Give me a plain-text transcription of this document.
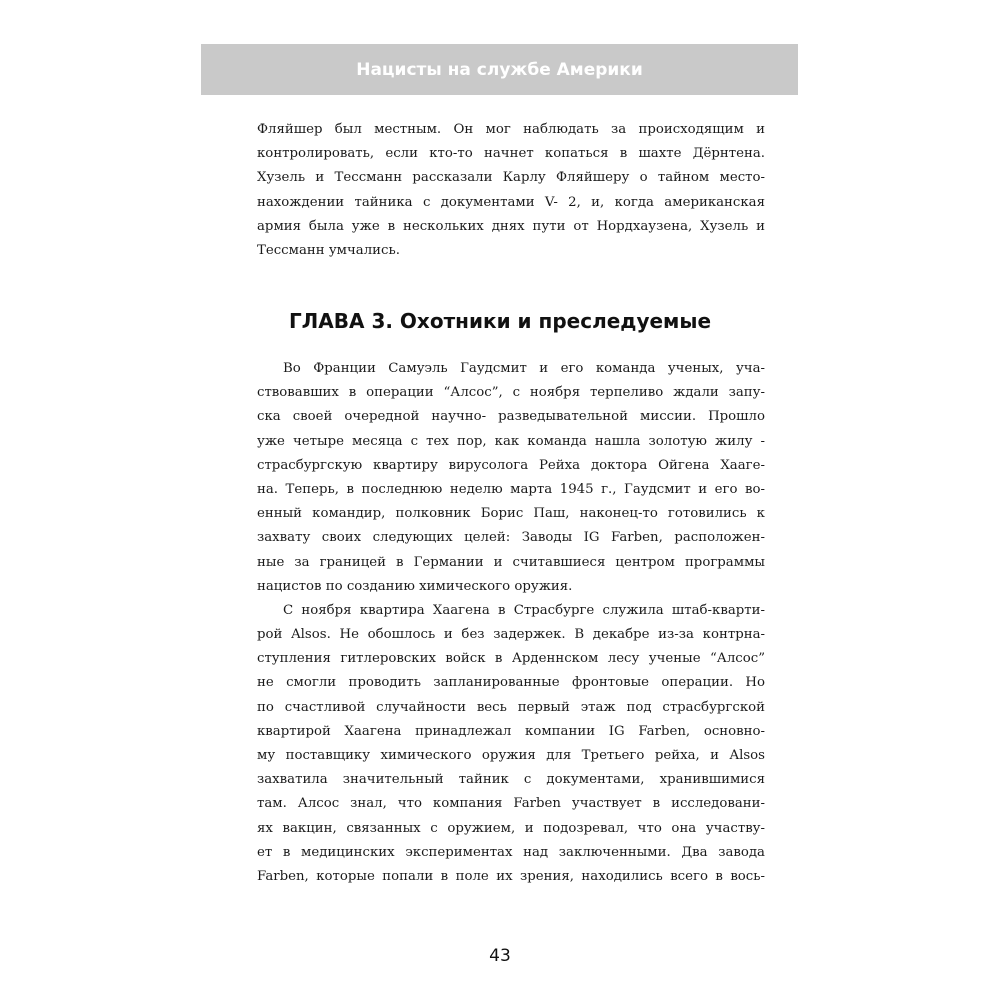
Нацисты на службе Америки
Фляйшер был местным. Он мог наблюдать за происходящим и
контролировать, если кто-то начнет копаться в шахте Дёрнтена.
Хузель и Тессманн рассказали Карлу Фляйшеру о тайном место-
нахождении тайника с документами V- 2, и, когда американская
армия была уже в нескольких днях пути от Нордхаузена, Хузель и
Тессманн умчались.
ГЛАВА 3. Охотники и преследуемые
Во Франции Самуэль Гаудсмит и его команда ученых, уча-
ствовавших в операции “Алсос”, с ноября терпеливо ждали запу-
ска своей очередной научно- разведывательной миссии. Прошло
уже четыре месяца с тех пор, как команда нашла золотую жилу -
страсбургскую квартиру вирусолога Рейха доктора Ойгена Хааге-
на. Теперь, в последнюю неделю марта 1945 г., Гаудсмит и его во-
енный командир, полковник Борис Паш, наконец-то готовились к
захвату своих следующих целей: Заводы IG Farben, расположен-
ные за границей в Германии и считавшиеся центром программы
нацистов по созданию химического оружия.
С ноября квартира Хаагена в Страсбурге служила штаб-кварти-
рой Alsos. Не обошлось и без задержек. В декабре из-за контрна-
ступления гитлеровских войск в Арденнском лесу ученые “Алсос”
не смогли проводить запланированные фронтовые операции. Но
по счастливой случайности весь первый этаж под страсбургской
квартирой Хаагена принадлежал компании IG Farben, основно-
му поставщику химического оружия для Третьего рейха, и Alsos
захватила значительный тайник с документами, хранившимися
там. Алсос знал, что компания Farben участвует в исследовани-
ях вакцин, связанных с оружием, и подозревал, что она участву-
ет в медицинских экспериментах над заключенными. Два завода
Farben, которые попали в поле их зрения, находились всего в вось-
43
